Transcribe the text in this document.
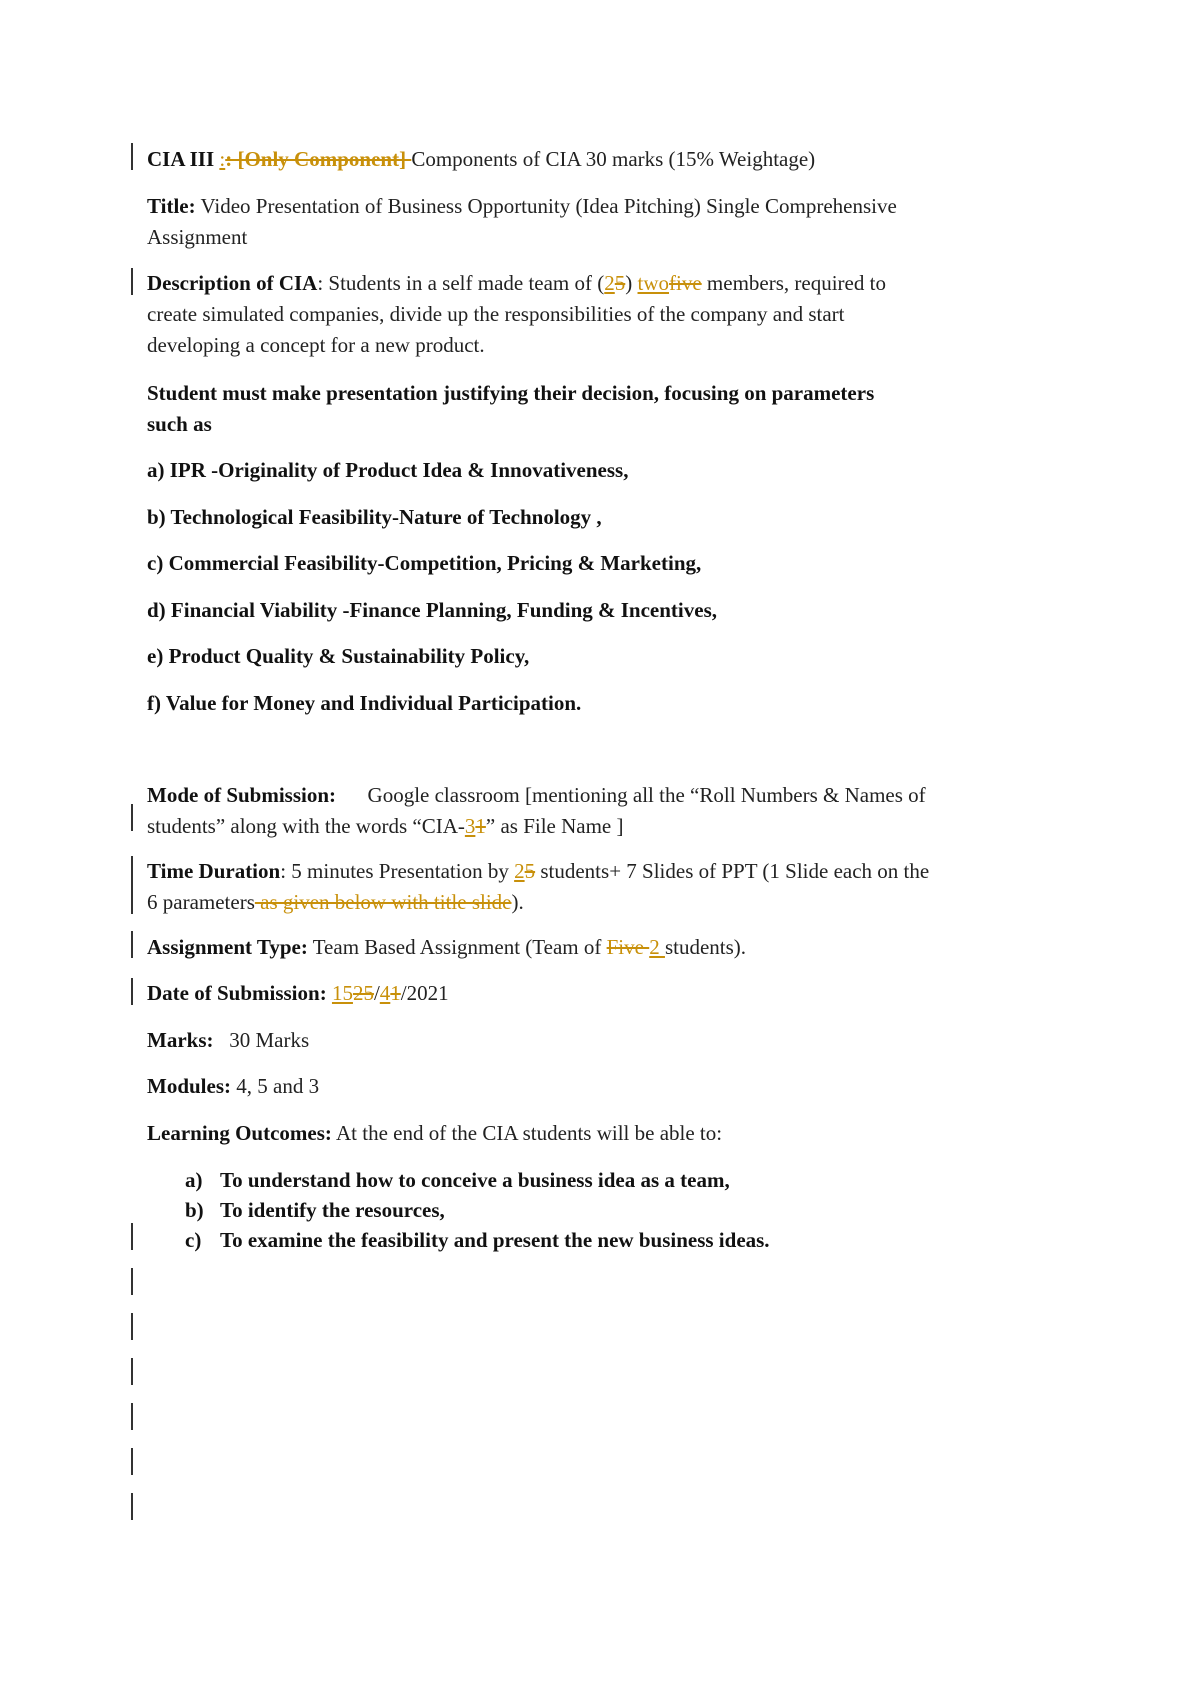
CIA III :: [Only Component] Components of CIA 30 marks (15% Weightage)
Title: Video Presentation of Business Opportunity (Idea Pitching) Single Comprehensive
Assignment
Description of CIA: Students in a self made team of (25) twofive members, required to
create simulated companies, divide up the responsibilities of the company and start
developing a concept for a new product.
Student must make presentation justifying their decision, focusing on parameters
such as
a) IPR -Originality of Product Idea & Innovativeness,
b) Technological Feasibility-Nature of Technology ,
c) Commercial Feasibility-Competition, Pricing & Marketing,
d) Financial Viability -Finance Planning, Funding & Incentives,
e) Product Quality & Sustainability Policy,
f) Value for Money and Individual Participation.
Mode of Submission: Google classroom [mentioning all the “Roll Numbers & Names of
students” along with the words “CIA-31” as File Name ]
Time Duration: 5 minutes Presentation by 25 students+ 7 Slides of PPT (1 Slide each on the
6 parameters as given below with title slide).
Assignment Type: Team Based Assignment (Team of Five 2 students).
Date of Submission: 1525/41/2021
Marks: 30 Marks
Modules: 4, 5 and 3
Learning Outcomes: At the end of the CIA students will be able to:
a) To understand how to conceive a business idea as a team,
b) To identify the resources,
c) To examine the feasibility and present the new business ideas.
